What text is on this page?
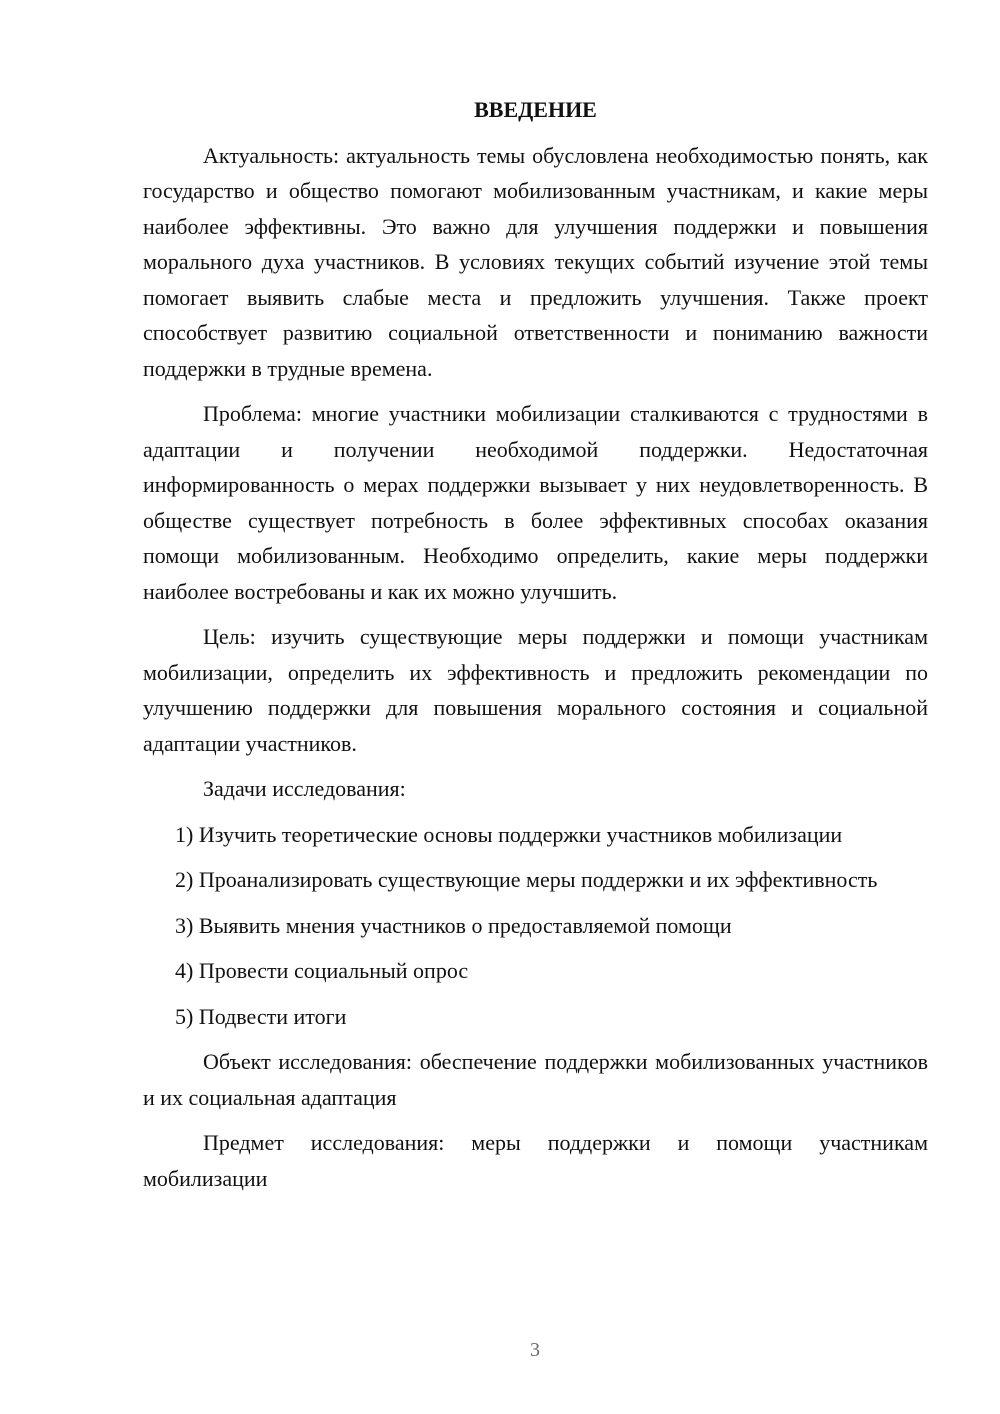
ВВЕДЕНИЕ

Актуальность: актуальность темы обусловлена необходимостью понять, как государство и общество помогают мобилизованным участникам, и какие меры наиболее эффективны. Это важно для улучшения поддержки и повышения морального духа участников. В условиях текущих событий изучение этой темы помогает выявить слабые места и предложить улучшения. Также проект способствует развитию социальной ответственности и пониманию важности поддержки в трудные времена.

Проблема: многие участники мобилизации сталкиваются с трудностями в адаптации и получении необходимой поддержки. Недостаточная информированность о мерах поддержки вызывает у них неудовлетворенность. В обществе существует потребность в более эффективных способах оказания помощи мобилизованным. Необходимо определить, какие меры поддержки наиболее востребованы и как их можно улучшить.

Цель: изучить существующие меры поддержки и помощи участникам мобилизации, определить их эффективность и предложить рекомендации по улучшению поддержки для повышения морального состояния и социальной адаптации участников.

Задачи исследования:

1) Изучить теоретические основы поддержки участников мобилизации

2) Проанализировать существующие меры поддержки и их эффективность

3) Выявить мнения участников о предоставляемой помощи

4) Провести социальный опрос

5) Подвести итоги

Объект исследования: обеспечение поддержки мобилизованных участников и их социальная адаптация

Предмет исследования: меры поддержки и помощи участникам мобилизации

3
